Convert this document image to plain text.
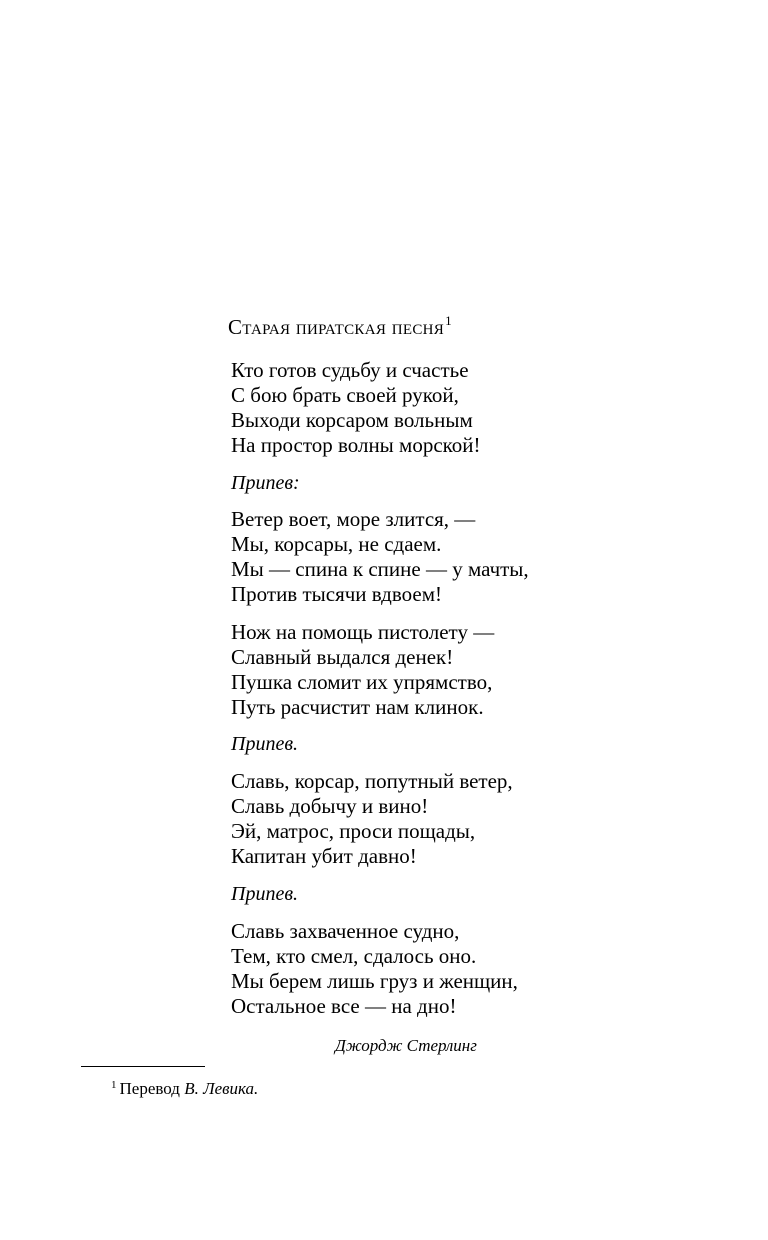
Старая пиратская песня$^1$
Кто готов судьбу и счастье
С бою брать своей рукой,
Выходи корсаром вольным
На простор волны морской!
Припев:
Ветер воет, море злится, —
Мы, корсары, не сдаем.
Мы — спина к спине — у мачты,
Против тысячи вдвоем!
Нож на помощь пистолету —
Славный выдался денек!
Пушка сломит их упрямство,
Путь расчистит нам клинок.
Припев.
Славь, корсар, попутный ветер,
Славь добычу и вино!
Эй, матрос, проси пощады,
Капитан убит давно!
Припев.
Славь захваченное судно,
Тем, кто смел, сдалось оно.
Мы берем лишь груз и женщин,
Остальное все — на дно!
Джордж Стерлинг
$^1$ Перевод В. Левика.
